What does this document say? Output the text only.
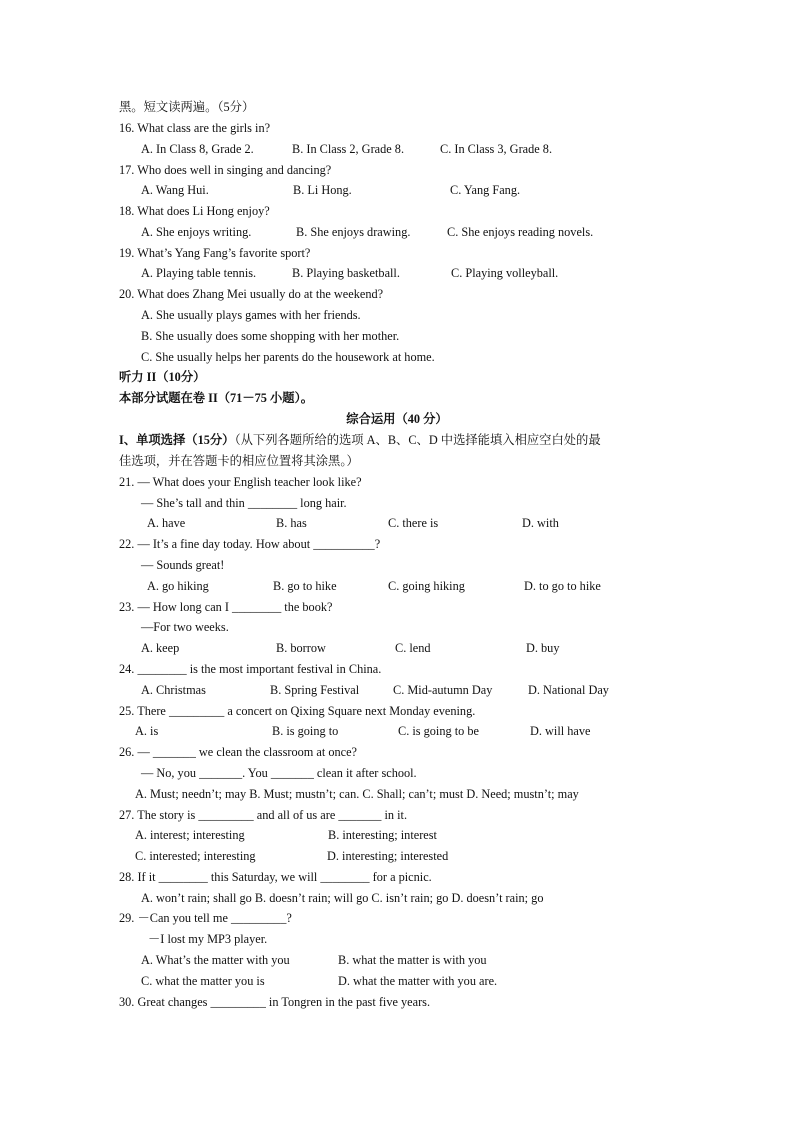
黑。短文读两遍。（5分）
16. What class are the girls in?
A. In Class 8, Grade 2.	B. In Class 2, Grade 8.	C. In Class 3, Grade 8.
17. Who does well in singing and dancing?
A. Wang Hui.	B. Li Hong.	C. Yang Fang.
18. What does Li Hong enjoy?
A. She enjoys writing.	B. She enjoys drawing.	C. She enjoys reading novels.
19. What’s Yang Fang’s favorite sport?
A. Playing table tennis.	B. Playing basketball.	C. Playing volleyball.
20. What does Zhang Mei usually do at the weekend?
A. She usually plays games with her friends.
B. She usually does some shopping with her mother.
C. She usually helps her parents do the housework at home.
听力 II（10分）
本部分试题在卷 II（71－75 小题）。
综合运用（40 分）
I、单项选择（15分）（从下列各题所给的选项 A、B、C、D 中选择能填入相应空白处的最
佳选项，并在答题卡的相应位置将其涂黑。）
21. — What does your English teacher look like?
— She’s tall and thin ________ long hair.
A. have	B. has	C. there is	D. with
22. — It’s a fine day today. How about __________?
— Sounds great!
A. go hiking	B. go to hike	C. going hiking	D. to go to hike
23. — How long can I ________ the book?
—For two weeks.
A. keep	B. borrow	C. lend	D. buy
24. ________ is the most important festival in China.
A. Christmas	B. Spring Festival	C. Mid-autumn Day	D. National Day
25. There _________ a concert on Qixing Square next Monday evening.
A. is	B. is going to	C. is going to be	D. will have
26. — _______ we clean the classroom at once?
— No, you _______. You _______ clean it after school.
A. Must; needn’t; may B. Must; mustn’t; can. C. Shall; can’t; must D. Need; mustn’t; may
27. The story is _________ and all of us are _______ in it.
A. interest; interesting	B. interesting; interest
C. interested; interesting	D. interesting; interested
28. If it ________ this Saturday, we will ________ for a picnic.
A. won’t rain; shall go B. doesn’t rain; will go C. isn’t rain; go D. doesn’t rain; go
29. －Can you tell me _________?
－I lost my MP3 player.
A. What’s the matter with you	B. what the matter is with you
C. what the matter you is	D. what the matter with you are.
30. Great changes _________ in Tongren in the past five years.
